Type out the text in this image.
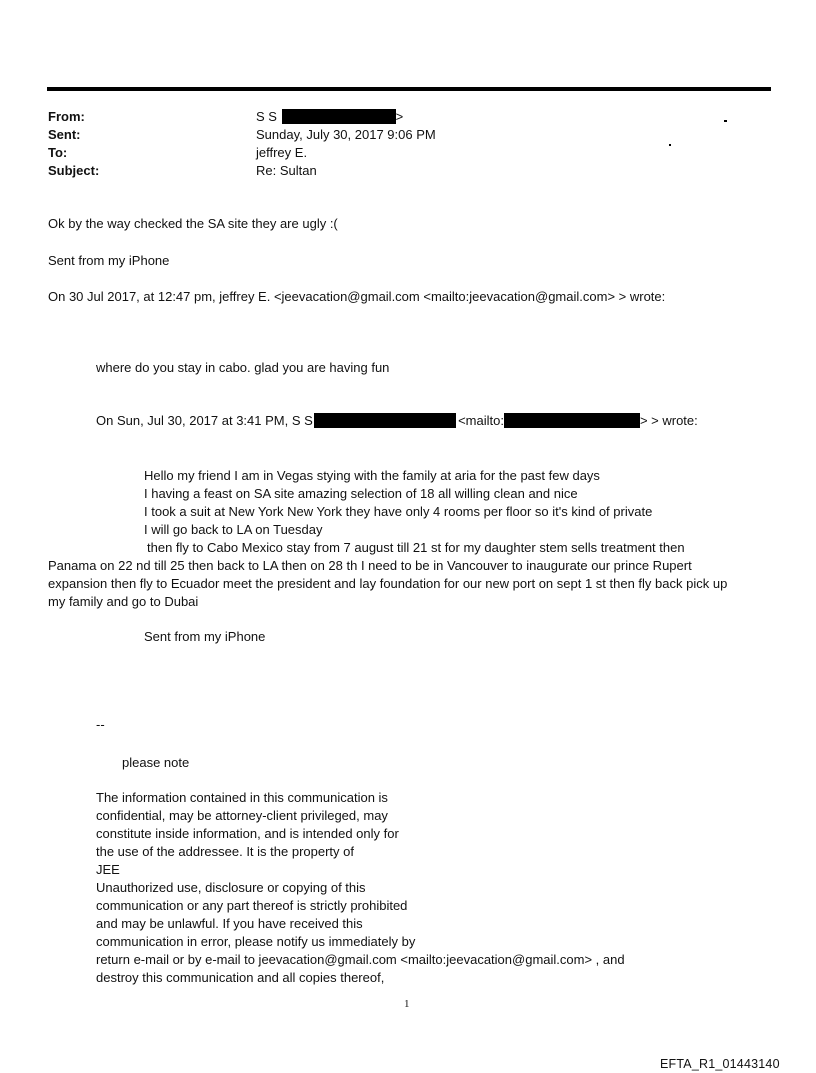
From:	S S	>
Sent:	Sunday, July 30, 2017 9:06 PM
To:	jeffrey E.
Subject:	Re: Sultan
Ok by the way checked the SA site they are ugly :(
Sent from my iPhone
On 30 Jul 2017, at 12:47 pm, jeffrey E. <jeevacation@gmail.com <mailto:jeevacation@gmail.com> > wrote:
where do you stay in cabo. glad you are having fun
On Sun, Jul 30, 2017 at 3:41 PM, S S	<mailto:	> > wrote:
Hello my friend I am in Vegas stying with the family at aria for the past few days
I having a feast on SA site amazing selection of 18 all willing clean and nice
I took a suit at New York New York they have only 4 rooms per floor so it's kind of private
I will go back to LA on Tuesday
then fly to Cabo Mexico stay from 7 august till 21 st for my daughter stem sells treatment then
Panama on 22 nd till 25 then back to LA then on 28 th I need to be in Vancouver to inaugurate our prince Rupert
expansion then fly to Ecuador meet the president and lay foundation for our new port on sept 1 st then fly back pick up
my family and go to Dubai
Sent from my iPhone
--
please note
The information contained in this communication is
confidential, may be attorney-client privileged, may
constitute inside information, and is intended only for
the use of the addressee. It is the property of
JEE
Unauthorized use, disclosure or copying of this
communication or any part thereof is strictly prohibited
and may be unlawful. If you have received this
communication in error, please notify us immediately by
return e-mail or by e-mail to jeevacation@gmail.com <mailto:jeevacation@gmail.com> , and
destroy this communication and all copies thereof,
1
EFTA_R1_01443140
